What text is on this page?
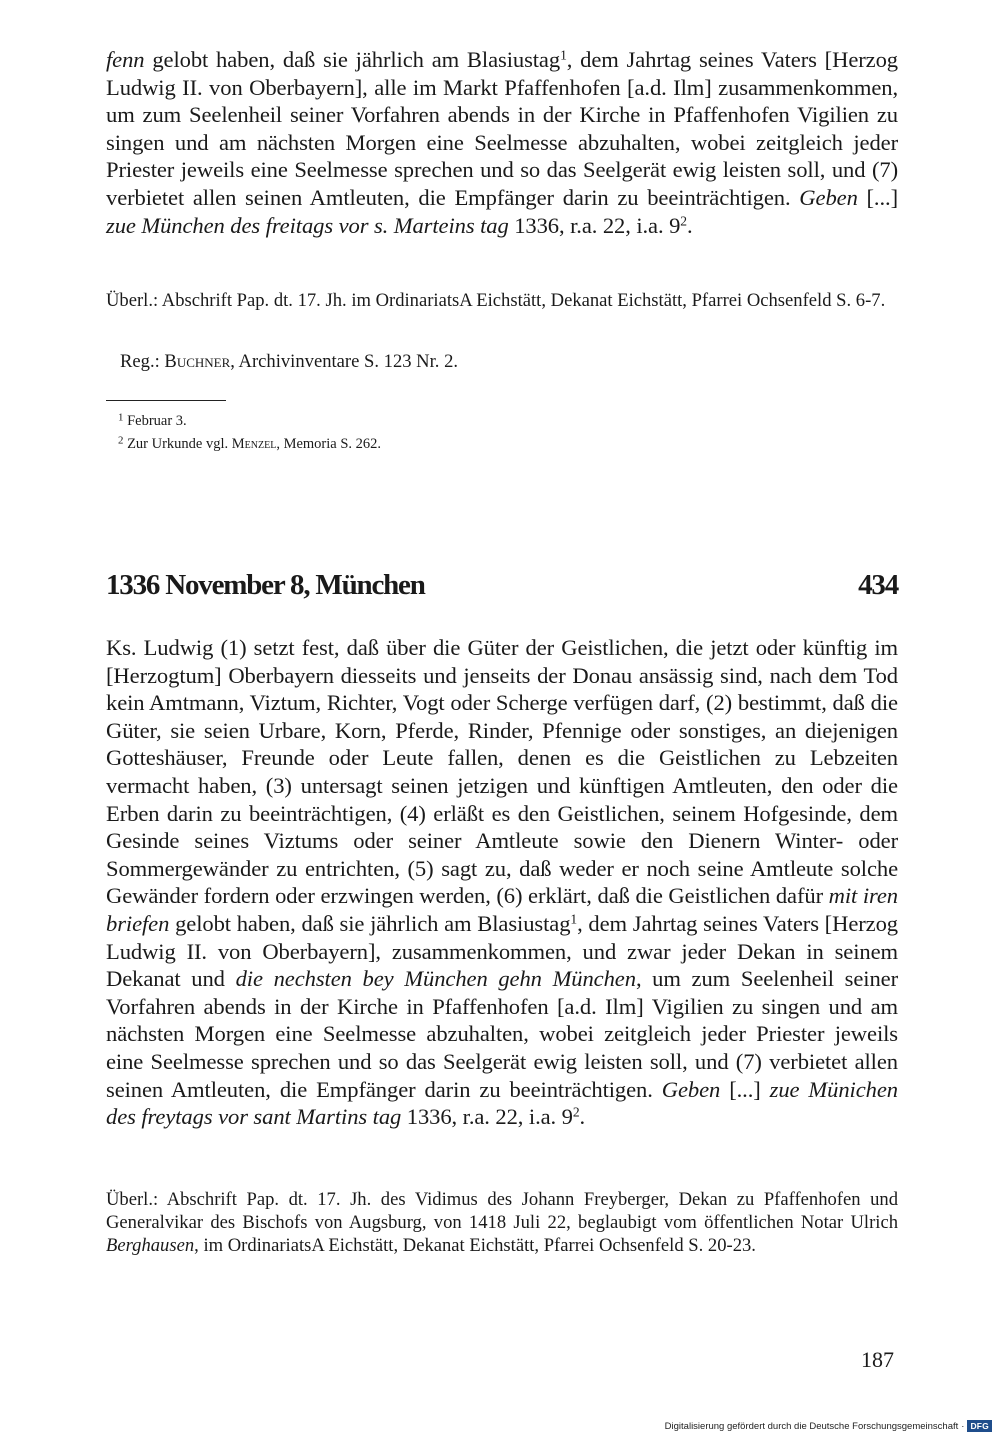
fenn gelobt haben, daß sie jährlich am Blasiustag$^1$, dem Jahrtag seines Vaters [Herzog Ludwig II. von Oberbayern], alle im Markt Pfaffenhofen [a.d. Ilm] zusammenkommen, um zum Seelenheil seiner Vorfahren abends in der Kirche in Pfaffenhofen Vigilien zu singen und am nächsten Morgen eine Seelmesse abzuhalten, wobei zeitgleich jeder Priester jeweils eine Seelmesse sprechen und so das Seelgerät ewig leisten soll, und (7) verbietet allen seinen Amtleuten, die Empfänger darin zu beeinträchtigen. Geben [...] zue München des freitags vor s. Marteins tag 1336, r.a. 22, i.a. $9^2$.

Überl.: Abschrift Pap. dt. 17. Jh. im OrdinariatsA Eichstätt, Dekanat Eichstätt, Pfarrei Ochsenfeld S. 6-7.

Reg.: Buchner, Archivinventare S. 123 Nr. 2.

$^1$ Februar 3.
$^2$ Zur Urkunde vgl. Menzel, Memoria S. 262.
1336 November 8, München	434

Ks. Ludwig (1) setzt fest, daß über die Güter der Geistlichen, die jetzt oder künftig im [Herzogtum] Oberbayern diesseits und jenseits der Donau ansässig sind, nach dem Tod kein Amtmann, Viztum, Richter, Vogt oder Scherge verfügen darf, (2) bestimmt, daß die Güter, sie seien Urbare, Korn, Pferde, Rinder, Pfennige oder sonstiges, an diejenigen Gotteshäuser, Freunde oder Leute fallen, denen es die Geistlichen zu Lebzeiten vermacht haben, (3) untersagt seinen jetzigen und künftigen Amtleuten, den oder die Erben darin zu beeinträchtigen, (4) erläßt es den Geistlichen, seinem Hofgesinde, dem Gesinde seines Viztums oder seiner Amtleute sowie den Dienern Winter- oder Sommergewänder zu entrichten, (5) sagt zu, daß weder er noch seine Amtleute solche Gewänder fordern oder erzwingen werden, (6) erklärt, daß die Geistlichen dafür mit iren briefen gelobt haben, daß sie jährlich am Blasiustag$^1$, dem Jahrtag seines Vaters [Herzog Ludwig II. von Oberbayern], zusammenkommen, und zwar jeder Dekan in seinem Dekanat und die nechsten bey München gehn München, um zum Seelenheil seiner Vorfahren abends in der Kirche in Pfaffenhofen [a.d. Ilm] Vigilien zu singen und am nächsten Morgen eine Seelmesse abzuhalten, wobei zeitgleich jeder Priester jeweils eine Seelmesse sprechen und so das Seelgerät ewig leisten soll, und (7) verbietet allen seinen Amtleuten, die Empfänger darin zu beeinträchtigen. Geben [...] zue Münichen des freytags vor sant Martins tag 1336, r.a. 22, i.a. $9^2$.

Überl.: Abschrift Pap. dt. 17. Jh. des Vidimus des Johann Freyberger, Dekan zu Pfaffenhofen und Generalvikar des Bischofs von Augsburg, von 1418 Juli 22, beglaubigt vom öffentlichen Notar Ulrich Berghausen, im OrdinariatsA Eichstätt, Dekanat Eichstätt, Pfarrei Ochsenfeld S. 20-23.

187
Digitalisierung gefördert durch die Deutsche Forschungsgemeinschaft · DFG
